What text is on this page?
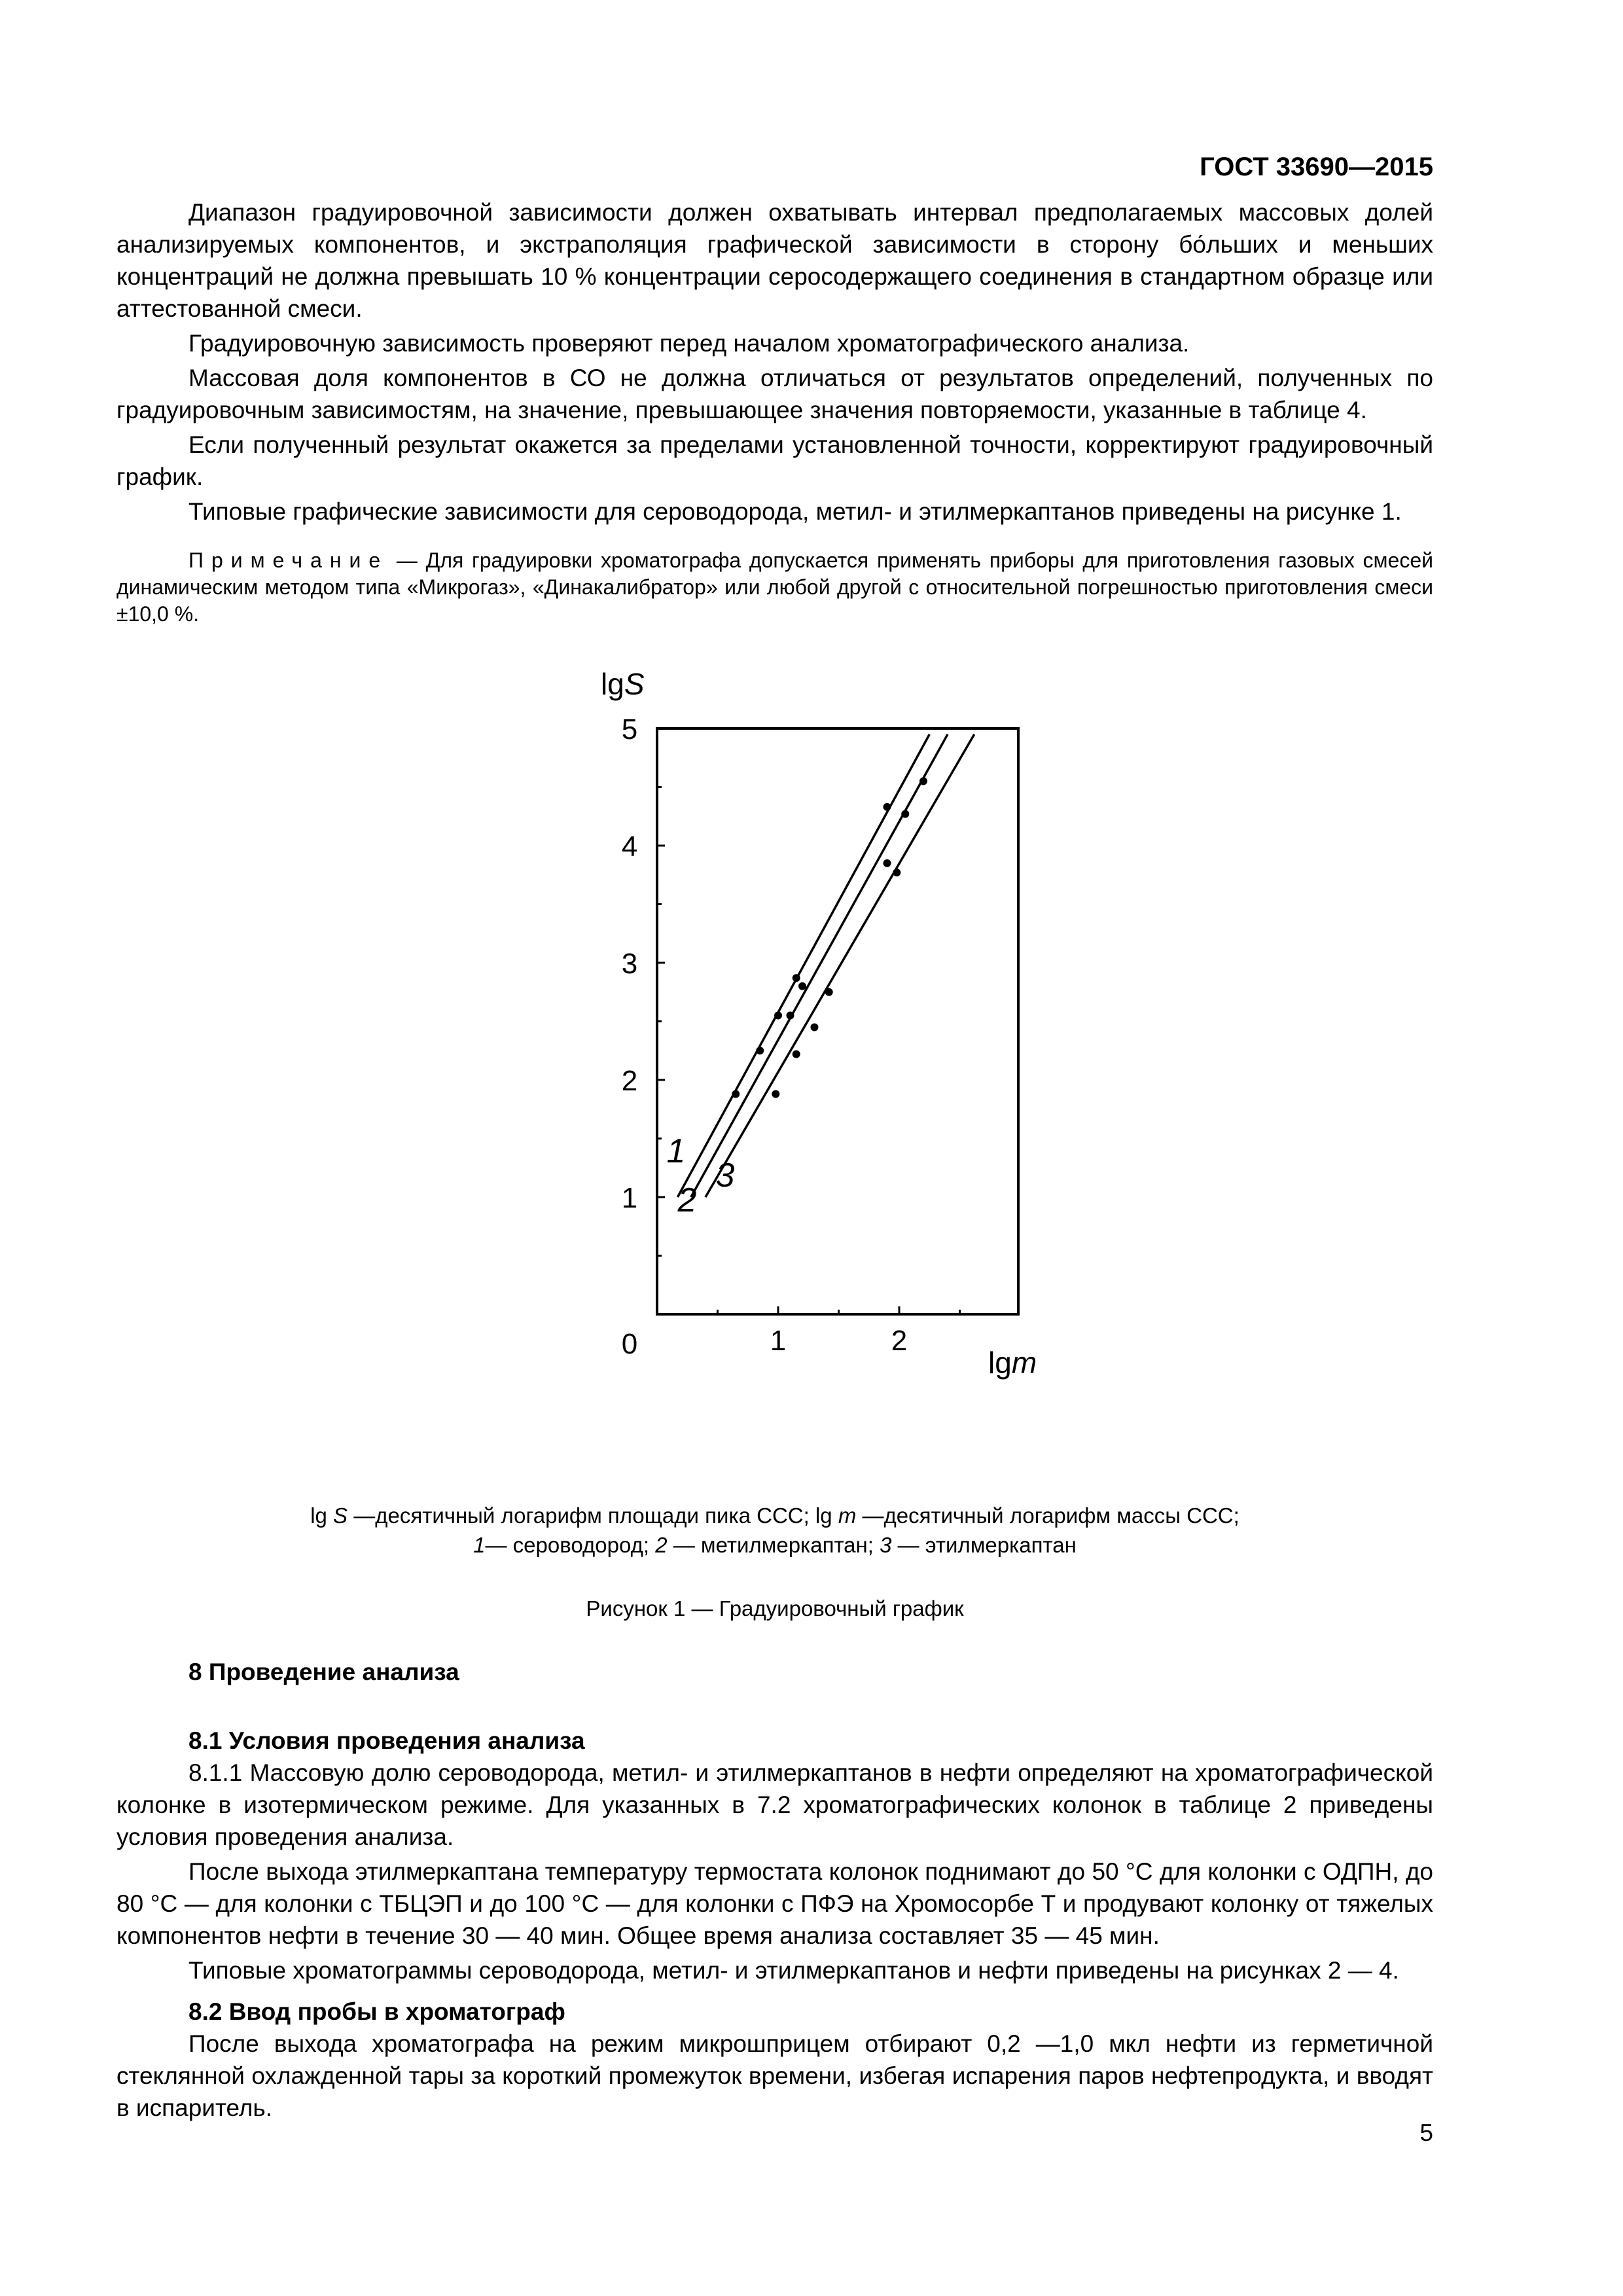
ГОСТ 33690—2015

Диапазон градуировочной зависимости должен охватывать интервал предполагаемых массовых долей анализируемых компонентов, и экстраполяция графической зависимости в сторону бо́льших и меньших концентраций не должна превышать 10 % концентрации серосодержащего соединения в стандартном образце или аттестованной смеси.

Градуировочную зависимость проверяют перед началом хроматографического анализа.

Массовая доля компонентов в СО не должна отличаться от результатов определений, полученных по градуировочным зависимостям, на значение, превышающее значения повторяемости, указанные в таблице 4.

Если полученный результат окажется за пределами установленной точности, корректируют градуировочный график.

Типовые графические зависимости для сероводорода, метил- и этилмеркаптанов приведены на рисунке 1.

Примечание — Для градуировки хроматографа допускается применять приборы для приготовления газовых смесей динамическим методом типа «Микрогаз», «Динакалибратор» или любой другой с относительной погрешностью приготовления смеси ±10,0 %.
1
2
3
4
5
0	1	2
lgS
lgm
1
2
3
lg S —десятичный логарифм площади пика ССС; lg m —десятичный логарифм массы ССС;
1— сероводород; 2 — метилмеркаптан; 3 — этилмеркаптан
Рисунок 1 — Градуировочный график
8 Проведение анализа
8.1 Условия проведения анализа

8.1.1 Массовую долю сероводорода, метил- и этилмеркаптанов в нефти определяют на хроматографической колонке в изотермическом режиме. Для указанных в 7.2 хроматографических колонок в таблице 2 приведены условия проведения анализа.

После выхода этилмеркаптана температуру термостата колонок поднимают до 50 °С для колонки с ОДПН, до 80 °С — для колонки с ТБЦЭП и до 100 °С — для колонки с ПФЭ на Хромосорбе Т и продувают колонку от тяжелых компонентов нефти в течение 30 — 40 мин. Общее время анализа составляет 35 — 45 мин.

Типовые хроматограммы сероводорода, метил- и этилмеркаптанов и нефти приведены на рисунках 2 — 4.

8.2 Ввод пробы в хроматограф

После выхода хроматографа на режим микрошприцем отбирают 0,2 —1,0 мкл нефти из герметичной стеклянной охлажденной тары за короткий промежуток времени, избегая испарения паров нефтепродукта, и вводят в испаритель.

5
